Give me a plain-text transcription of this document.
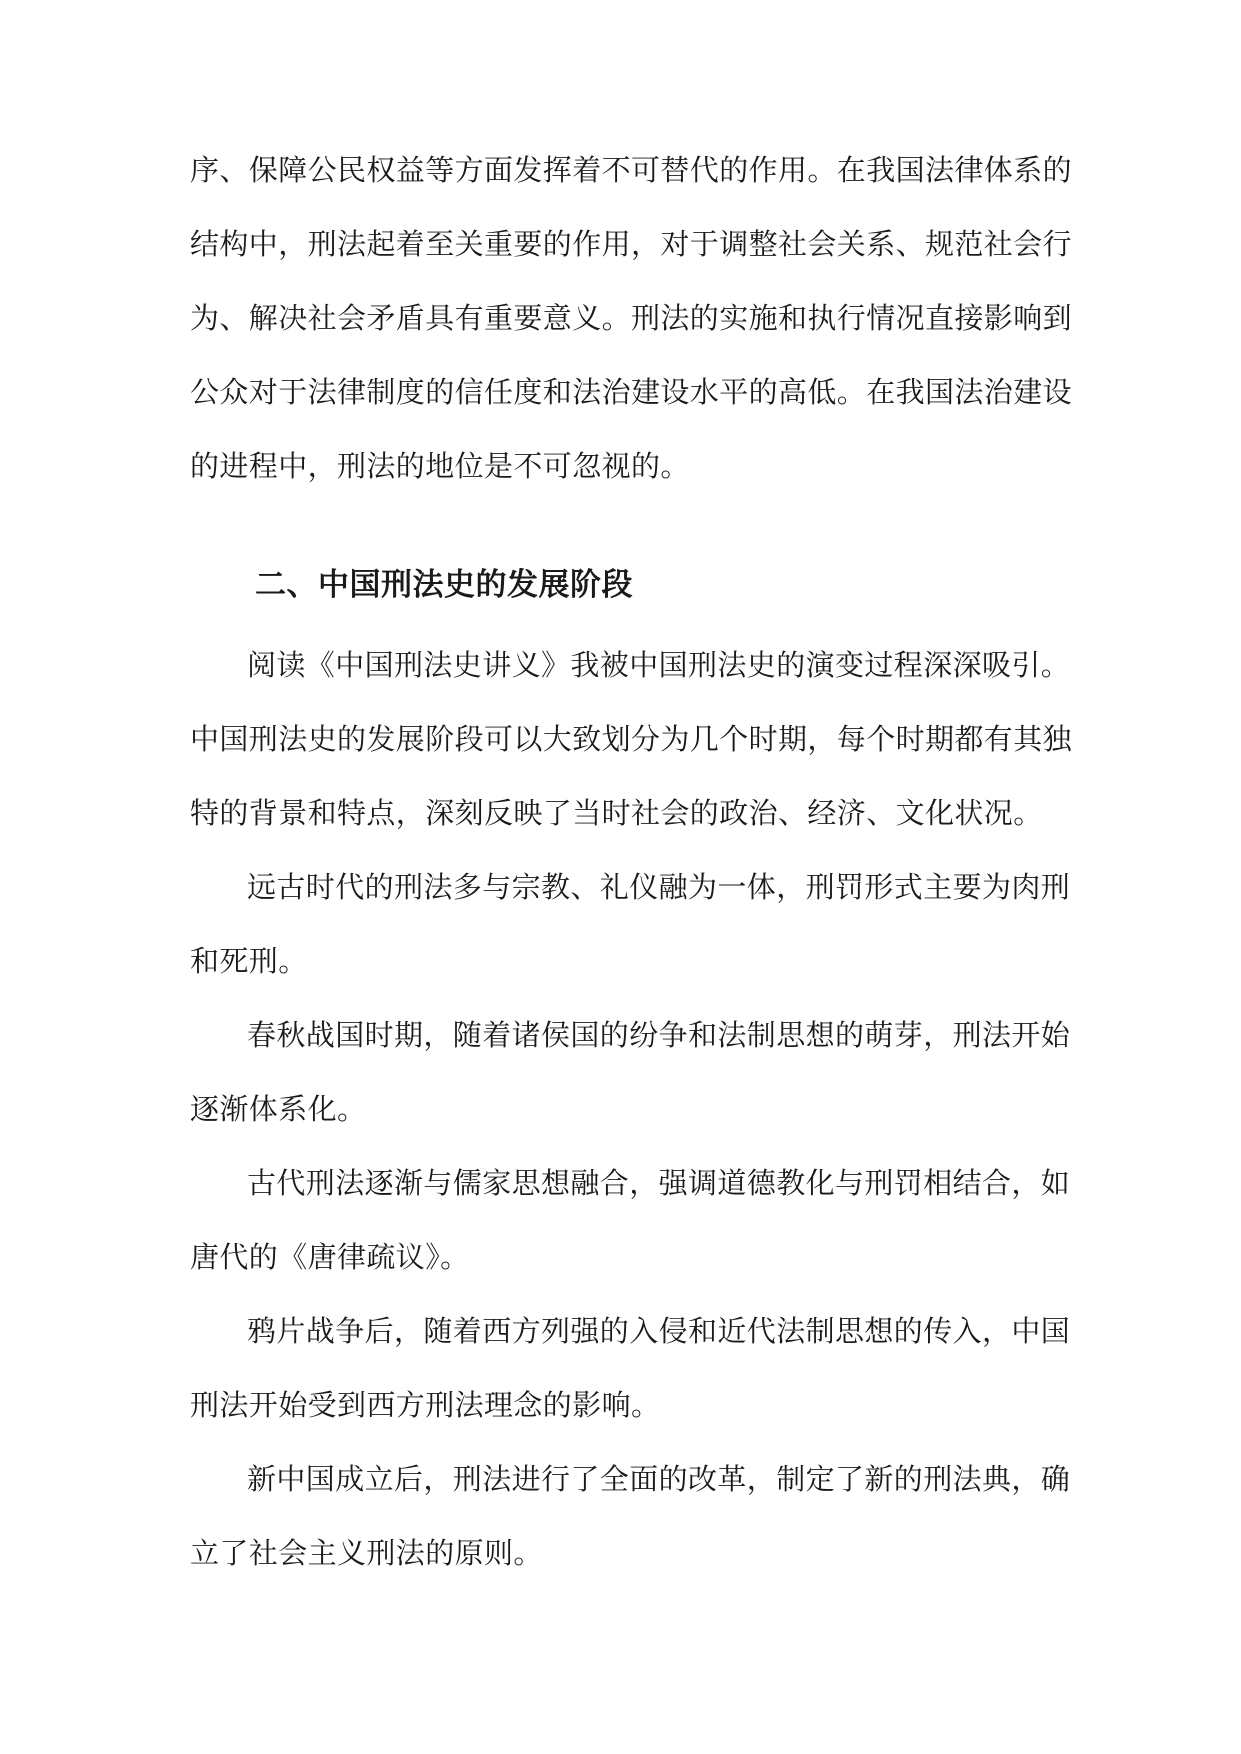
序、保障公民权益等方面发挥着不可替代的作用。在我国法律体系的
结构中，刑法起着至关重要的作用，对于调整社会关系、规范社会行
为、解决社会矛盾具有重要意义。刑法的实施和执行情况直接影响到
公众对于法律制度的信任度和法治建设水平的高低。在我国法治建设
的进程中，刑法的地位是不可忽视的。
二、中国刑法史的发展阶段
阅读《中国刑法史讲义》我被中国刑法史的演变过程深深吸引。
中国刑法史的发展阶段可以大致划分为几个时期，每个时期都有其独
特的背景和特点，深刻反映了当时社会的政治、经济、文化状况。
远古时代的刑法多与宗教、礼仪融为一体，刑罚形式主要为肉刑
和死刑。
春秋战国时期，随着诸侯国的纷争和法制思想的萌芽，刑法开始
逐渐体系化。
古代刑法逐渐与儒家思想融合，强调道德教化与刑罚相结合，如
唐代的《唐律疏议》。
鸦片战争后，随着西方列强的入侵和近代法制思想的传入，中国
刑法开始受到西方刑法理念的影响。
新中国成立后，刑法进行了全面的改革，制定了新的刑法典，确
立了社会主义刑法的原则。
